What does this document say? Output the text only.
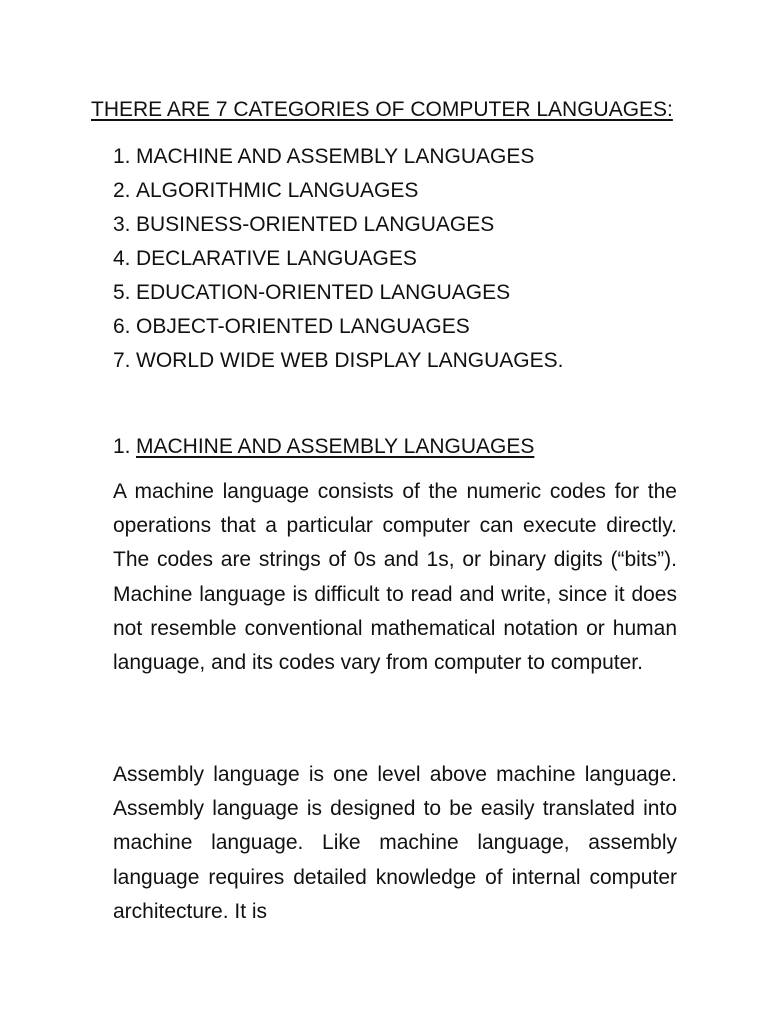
THERE ARE 7 CATEGORIES OF COMPUTER LANGUAGES:
1. MACHINE AND ASSEMBLY LANGUAGES
2. ALGORITHMIC LANGUAGES
3. BUSINESS-ORIENTED LANGUAGES
4. DECLARATIVE LANGUAGES
5. EDUCATION-ORIENTED LANGUAGES
6. OBJECT-ORIENTED LANGUAGES
7. WORLD WIDE WEB DISPLAY LANGUAGES.
1. MACHINE AND ASSEMBLY LANGUAGES

A machine language consists of the numeric codes for the operations that a particular computer can execute directly. The codes are strings of 0s and 1s, or binary digits (“bits”). Machine language is difficult to read and write, since it does not resemble conventional mathematical notation or human language, and its codes vary from computer to computer.

Assembly language is one level above machine language. Assembly language is designed to be easily translated into machine language. Like machine language, assembly language requires detailed knowledge of internal computer architecture. It is
